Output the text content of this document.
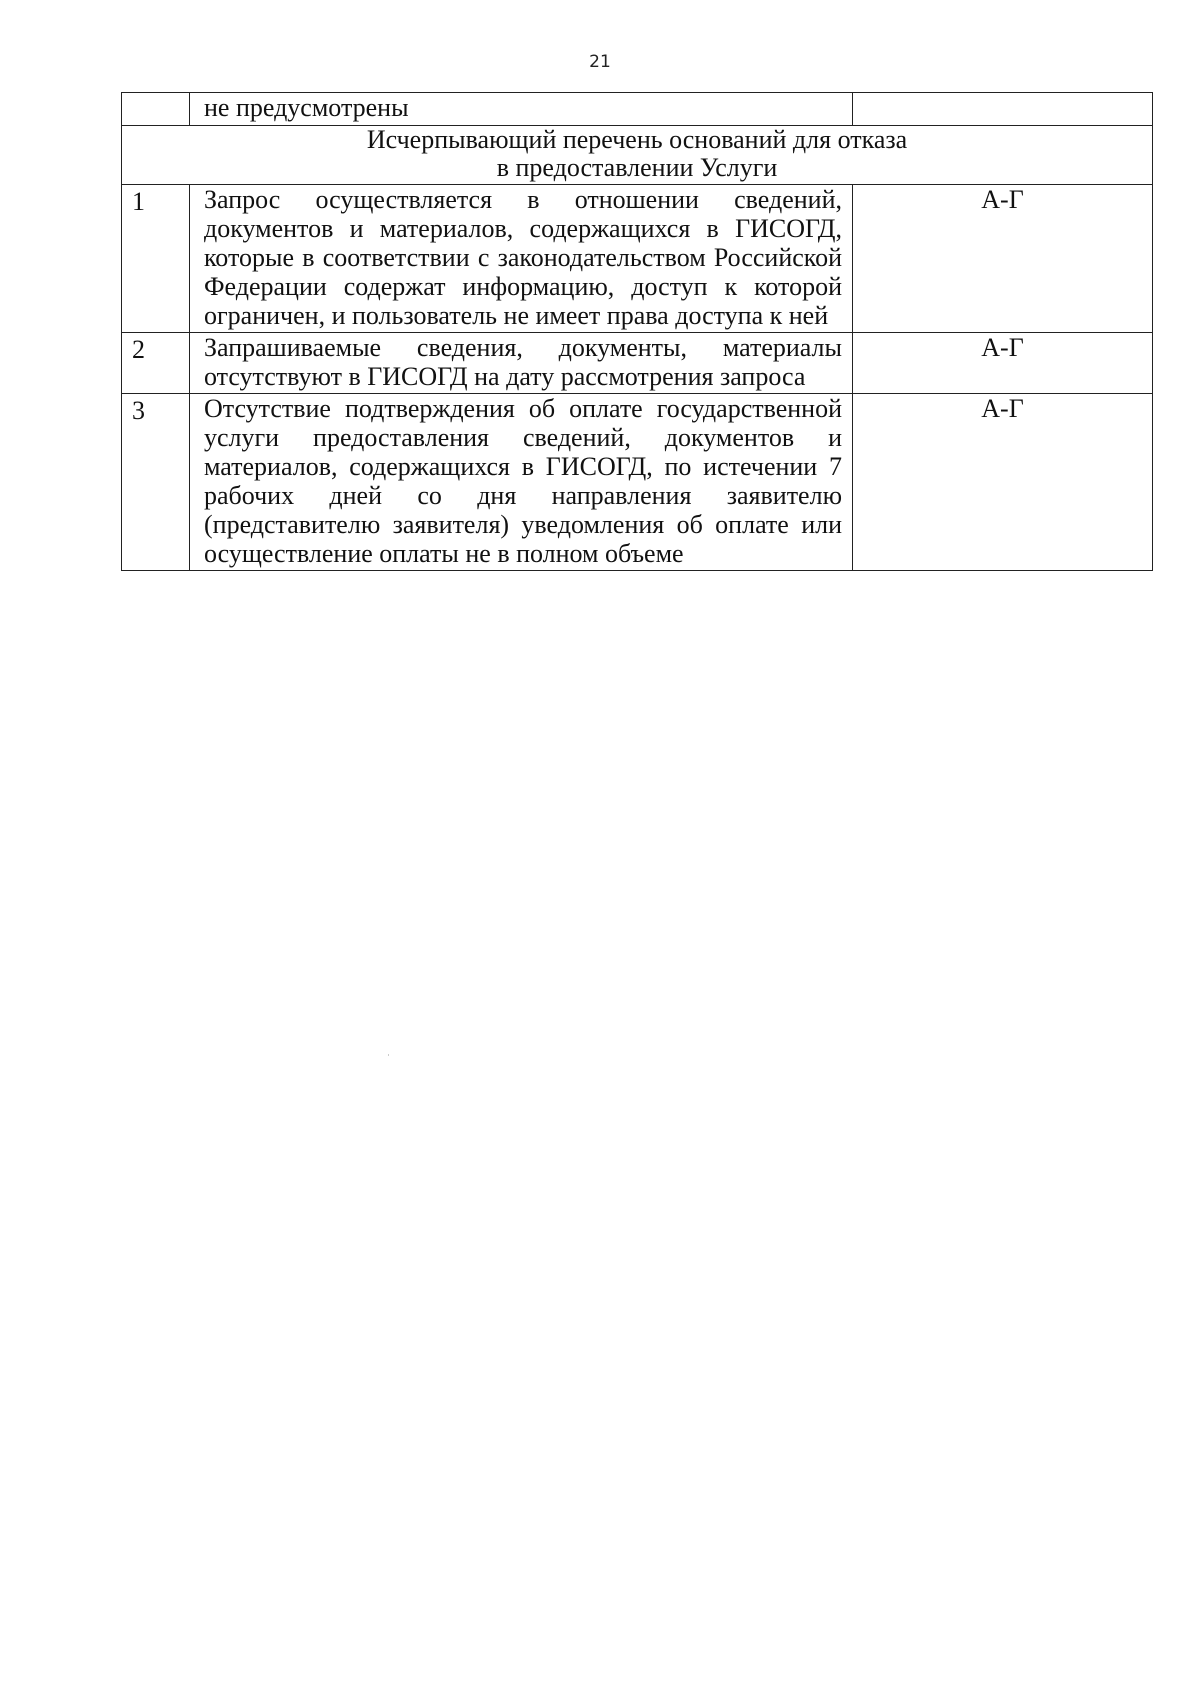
21
	не предусмотрены	

Исчерпывающий перечень оснований для отказа
в предоставлении Услуги		

1	Запрос осуществляется в отношении сведений, документов и материалов, содержащихся в ГИСОГД, которые в соответствии с законодательством Российской Федерации содержат информацию, доступ к которой ограничен, и пользователь не имеет права доступа к ней	А-Г
2	Запрашиваемые сведения, документы, материалы отсутствуют в ГИСОГД на дату рассмотрения запроса	А-Г
3	Отсутствие подтверждения об оплате государственной услуги предоставления сведений, документов и материалов, содержащихся в ГИСОГД, по истечении 7 рабочих дней со дня направления заявителю (представителю заявителя) уведомления об оплате или осуществление оплаты не в полном объеме	А-Г
